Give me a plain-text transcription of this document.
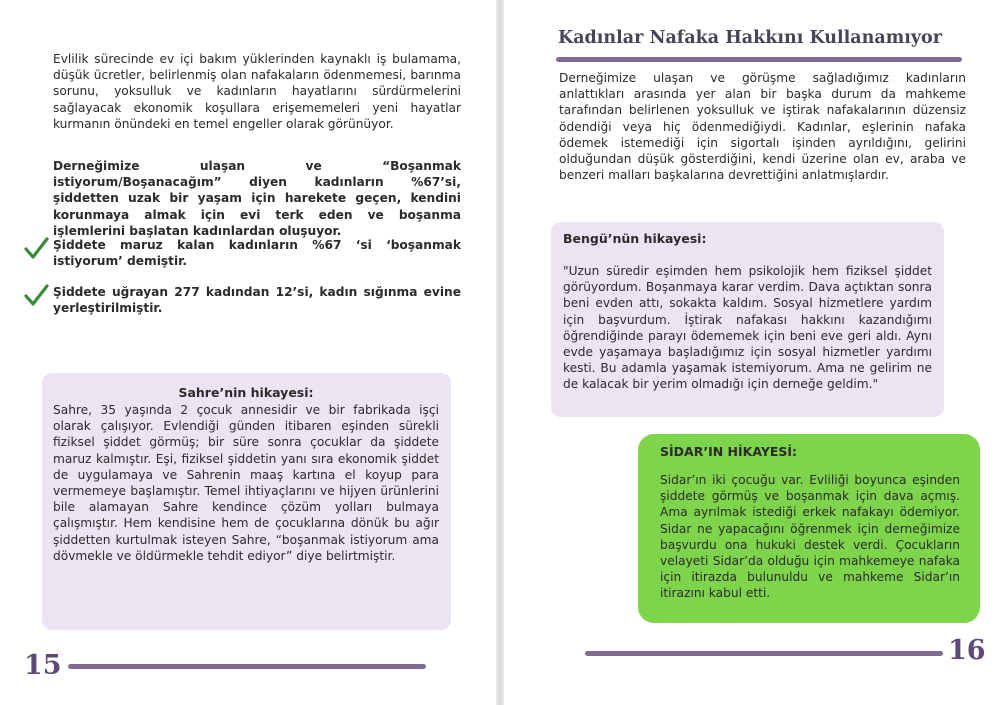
Evlilik sürecinde ev içi bakım yüklerinden kaynaklı iş bulamama, düşük ücretler, belirlenmiş olan nafakaların ödenmemesi, barınma sorunu, yoksulluk ve kadınların hayatlarını sürdürmelerini sağlayacak ekonomik koşullara erişememeleri yeni hayatlar kurmanın önündeki en temel engeller olarak görünüyor.

Derneğimize ulaşan ve “Boşanmak istiyorum/Boşanacağım” diyen kadınların %67’si, şiddetten uzak bir yaşam için harekete geçen, kendini korunmaya almak için evi terk eden ve boşanma işlemlerini başlatan kadınlardan oluşuyor.

Şiddete maruz kalan kadınların %67 ‘si ‘boşanmak istiyorum’ demiştir.

Şiddete uğrayan 277 kadından 12’si, kadın sığınma evine yerleştirilmiştir.

Sahre’nin hikayesi:

Sahre, 35 yaşında 2 çocuk annesidir ve bir fabrikada işçi olarak çalışıyor. Evlendiği günden itibaren eşinden sürekli fiziksel şiddet görmüş; bir süre sonra çocuklar da şiddete maruz kalmıştır. Eşi, fiziksel şiddetin yanı sıra ekonomik şiddet de uygulamaya ve Sahrenin maaş kartına el koyup para vermemeye başlamıştır. Temel ihtiyaçlarını ve hijyen ürünlerini bile alamayan Sahre kendince çözüm yolları bulmaya çalışmıştır. Hem kendisine hem de çocuklarına dönük bu ağır şiddetten kurtulmak isteyen Sahre, “boşanmak istiyorum ama dövmekle ve öldürmekle tehdit ediyor” diye belirtmiştir.

15
Kadınlar Nafaka Hakkını Kullanamıyor

Derneğimize ulaşan ve görüşme sağladığımız kadınların anlattıkları arasında yer alan bir başka durum da mahkeme tarafından belirlenen yoksulluk ve iştirak nafakalarının düzensiz ödendiği veya hiç ödenmediğiydi. Kadınlar, eşlerinin nafaka ödemek istemediği için sigortalı işinden ayrıldığını, gelirini olduğundan düşük gösterdiğini, kendi üzerine olan ev, araba ve benzeri malları başkalarına devrettiğini anlatmışlardır.

Bengü’nün hikayesi:

"Uzun süredir eşimden hem psikolojik hem fiziksel şiddet görüyordum. Boşanmaya karar verdim. Dava açtıktan sonra beni evden attı, sokakta kaldım. Sosyal hizmetlere yardım için başvurdum. İştirak nafakası hakkını kazandığımı öğrendiğinde parayı ödememek için beni eve geri aldı. Aynı evde yaşamaya başladığımız için sosyal hizmetler yardımı kesti. Bu adamla yaşamak istemiyorum. Ama ne gelirim ne de kalacak bir yerim olmadığı için derneğe geldim."

SİDAR’IN HİKAYESİ:

Sidar’ın iki çocuğu var. Evliliği boyunca eşinden şiddete görmüş ve boşanmak için dava açmış. Ama ayrılmak istediği erkek nafakayı ödemiyor. Sidar ne yapacağını öğrenmek için derneğimize başvurdu ona hukuki destek verdi. Çocukların velayeti Sidar’da olduğu için mahkemeye nafaka için itirazda bulunuldu ve mahkeme Sidar’ın itirazını kabul etti.

16
